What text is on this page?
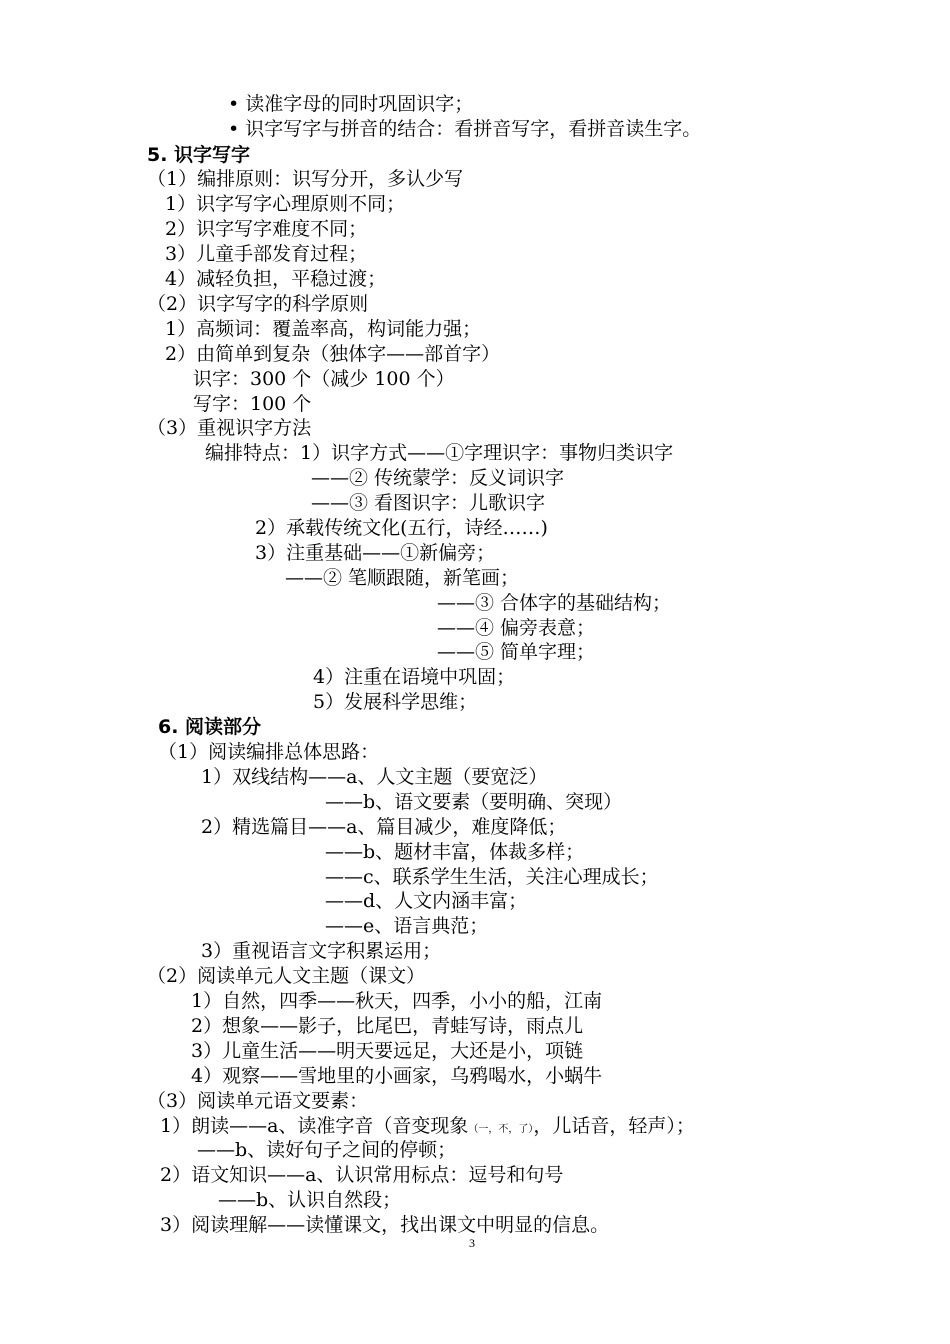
• 读准字母的同时巩固识字；
• 识字写字与拼音的结合：看拼音写字，看拼音读生字。
5. 识字写字
（1）编排原则：识写分开，多认少写
1）识字写字心理原则不同；
2）识字写字难度不同；
3）儿童手部发育过程；
4）减轻负担，平稳过渡；
（2）识字写字的科学原则
1）高频词：覆盖率高，构词能力强；
2）由简单到复杂（独体字——部首字）
识字：300 个（减少 100 个）
写字：100 个
（3）重视识字方法
编排特点：1）识字方式——①字理识字：事物归类识字
——② 传统蒙学：反义词识字
——③ 看图识字：儿歌识字
2）承载传统文化(五行，诗经……)
3）注重基础——①新偏旁；
——② 笔顺跟随，新笔画；
——③ 合体字的基础结构；
——④ 偏旁表意；
——⑤ 简单字理；
4）注重在语境中巩固；
5）发展科学思维；
6. 阅读部分
（1）阅读编排总体思路：
1）双线结构——a、人文主题（要宽泛）
——b、语文要素（要明确、突现）
2）精选篇目——a、篇目减少，难度降低；
——b、题材丰富，体裁多样；
——c、联系学生生活，关注心理成长；
——d、人文内涵丰富；
——e、语言典范；
3）重视语言文字积累运用；
（2）阅读单元人文主题（课文）
1）自然，四季——秋天，四季，小小的船，江南
2）想象——影子，比尾巴，青蛙写诗，雨点儿
3）儿童生活——明天要远足，大还是小，项链
4）观察——雪地里的小画家，乌鸦喝水，小蜗牛
（3）阅读单元语文要素：
1）朗读——a、读准字音（音变现象（一，不，了），儿话音，轻声）；
——b、读好句子之间的停顿；
2）语文知识——a、认识常用标点：逗号和句号
——b、认识自然段；
3）阅读理解——读懂课文，找出课文中明显的信息。
3
